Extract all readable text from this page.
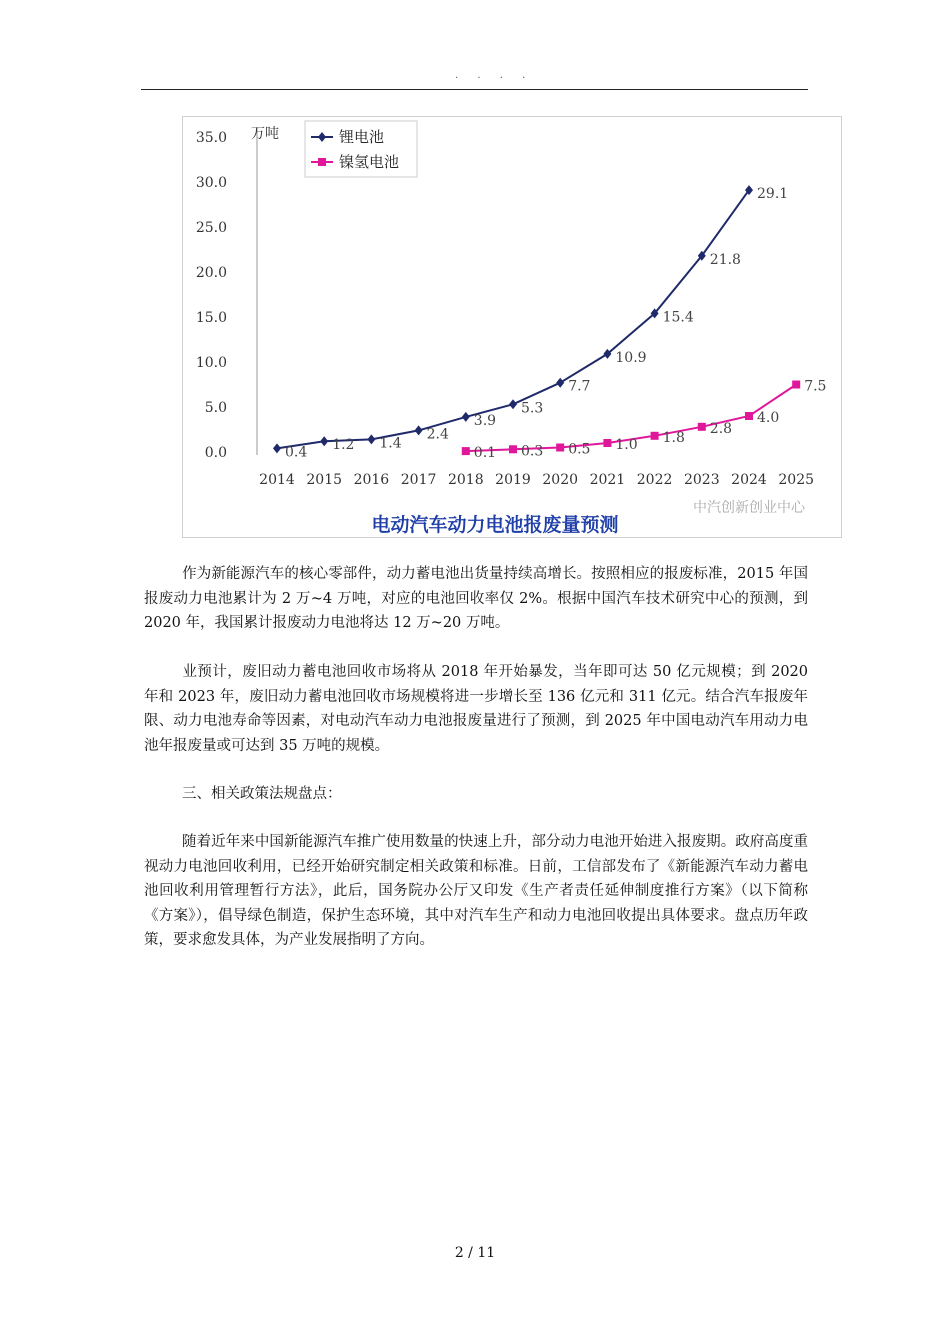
. . . .
0.0
5.0
10.0
15.0
20.0
25.0
30.0
35.0
2014 2015 2016 2017 2018 2019 2020 2021 2022 2023 2024 2025
万吨
0.4 1.2 1.4
2.4
3.9
5.3
7.7
10.9
15.4
21.8
29.1
0.1 0.3 0.5 1.0 1.8
2.8
4.0
7.5
锂电池
镍氢电池
中汽创新创业中心
电动汽车动力电池报废量预测

作为新能源汽车的核心零部件，动力蓄电池出货量持续高增长。按照相应的报废标准，2015 年国报废动力电池累计为 2 万~4 万吨，对应的电池回收率仅 2%。根据中国汽车技术研究中心的预测，到 2020 年，我国累计报废动力电池将达 12 万~20 万吨。

业预计，废旧动力蓄电池回收市场将从 2018 年开始暴发，当年即可达 50 亿元规模；到 2020 年和 2023 年，废旧动力蓄电池回收市场规模将进一步增长至 136 亿元和 311 亿元。结合汽车报废年限、动力电池寿命等因素，对电动汽车动力电池报废量进行了预测，到 2025 年中国电动汽车用动力电池年报废量或可达到 35 万吨的规模。

三、相关政策法规盘点：

随着近年来中国新能源汽车推广使用数量的快速上升，部分动力电池开始进入报废期。政府高度重视动力电池回收利用，已经开始研究制定相关政策和标准。日前，工信部发布了《新能源汽车动力蓄电池回收利用管理暂行方法》，此后，国务院办公厅又印发《生产者责任延伸制度推行方案》（以下简称《方案》），倡导绿色制造，保护生态环境，其中对汽车生产和动力电池回收提出具体要求。盘点历年政策，要求愈发具体，为产业发展指明了方向。

2 / 11
